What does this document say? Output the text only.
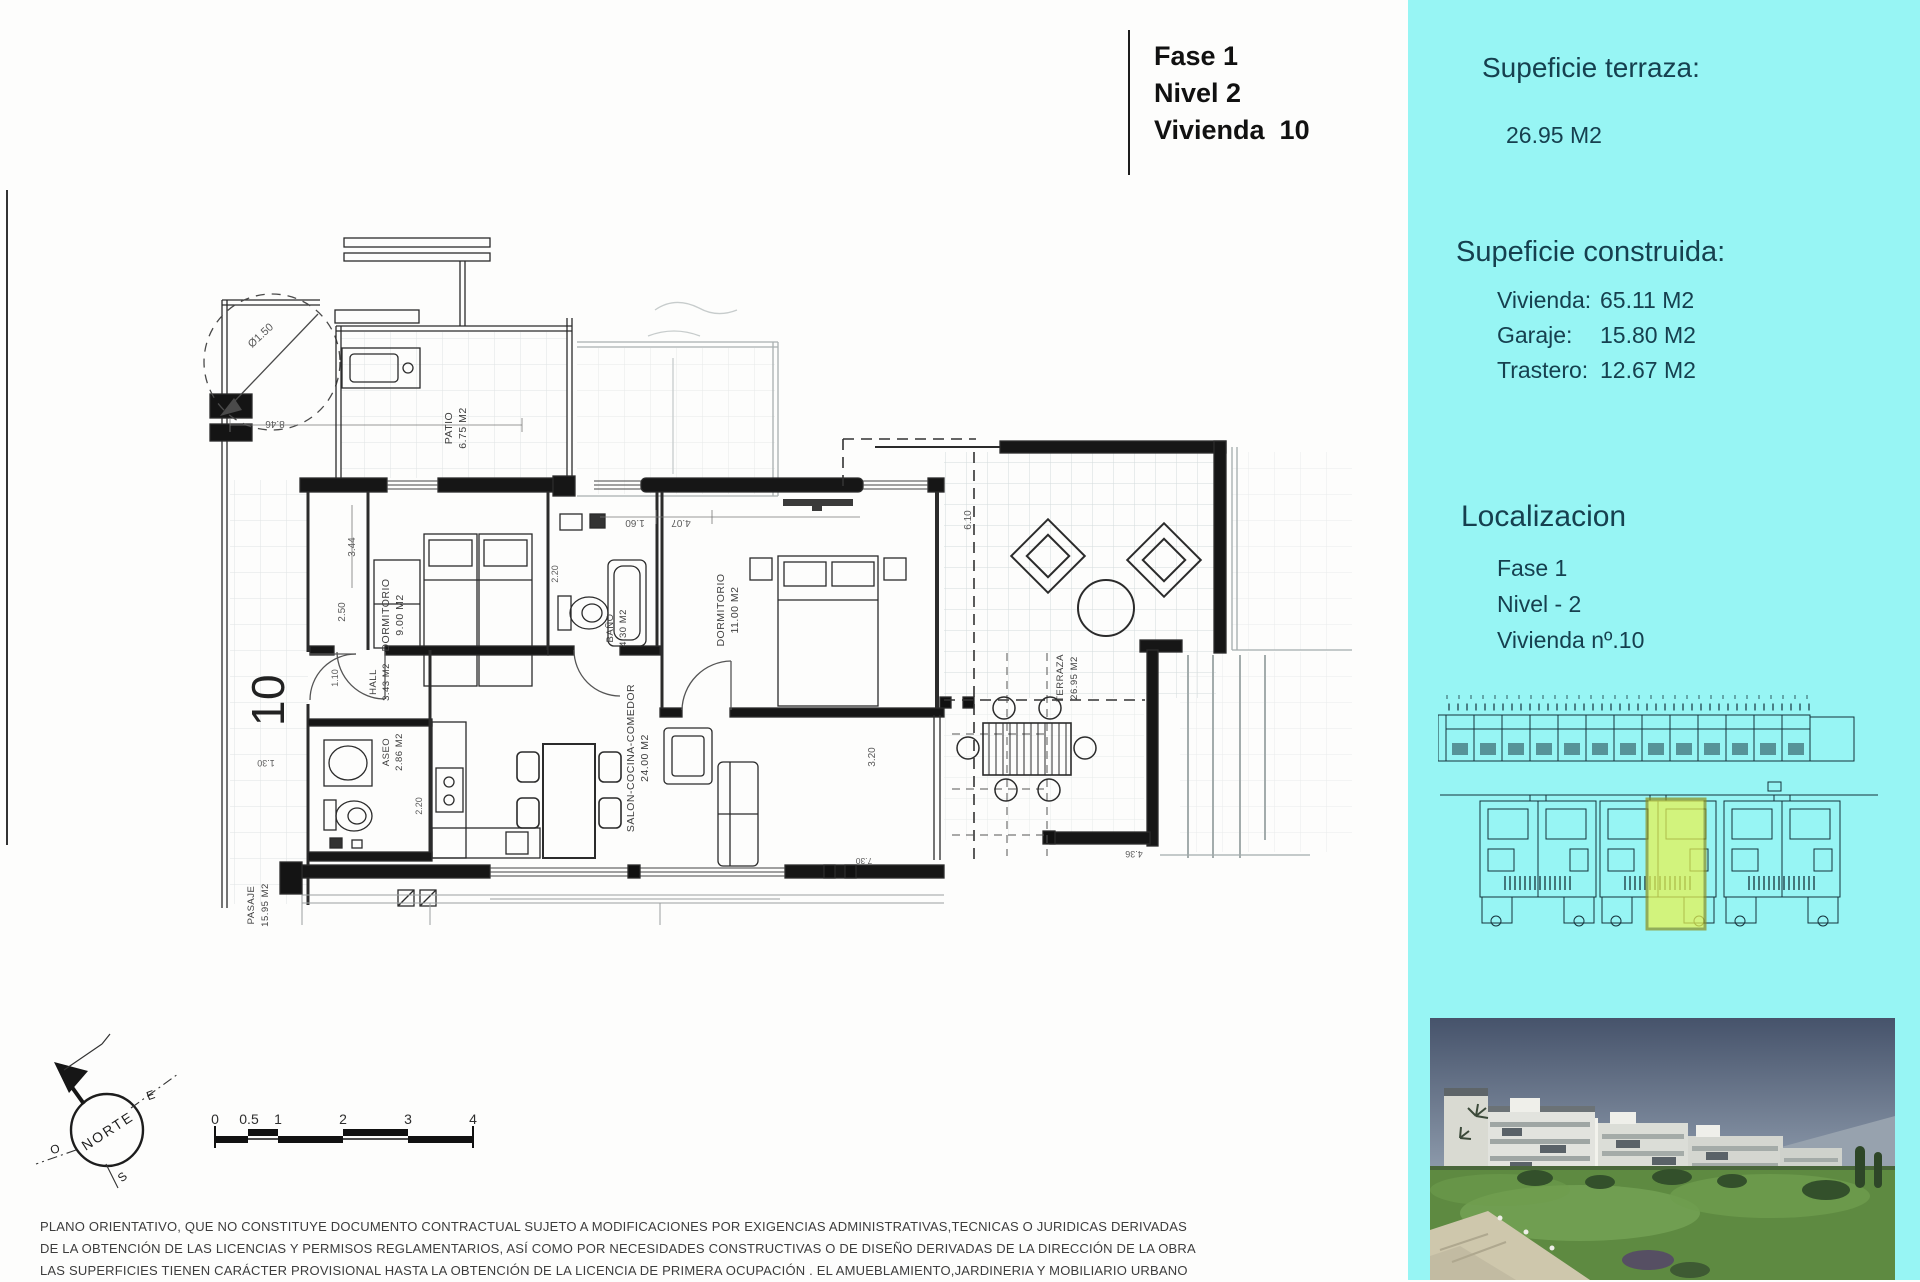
PATIO 6.75 M2
DORMITORIO 9.00 M2	BAÑO 4.30 M2	DORMITORIO 11.00 M2
HALL 3.43 M2
ASEO 2.86 M2	SALON-COCINA-COMEDOR 24.00 M2
TERRAZA 26.95 M2
PASAJE 15.95 M2
10
Ø1.50
8.46
3.44
2.50
1.10
1.30
1.60	4.07	6.10
3.20
2.20
2.20
4.36
7.30
NORTE
E
O
S
0 0.5 1	2	3	4
Fase 1
Nivel 2
Vivienda  10
Supeficie terraza:
26.95 M2
Supeficie construida:
Vivienda: 65.11 M2
Garaje:	15.80 M2
Trastero: 12.67 M2
Localizacion
Fase 1
Nivel - 2
Vivienda nº.10
PLANO ORIENTATIVO, QUE NO CONSTITUYE DOCUMENTO CONTRACTUAL SUJETO A MODIFICACIONES POR EXIGENCIAS ADMINISTRATIVAS,TECNICAS O JURIDICAS DERIVADAS
DE LA OBTENCIÓN DE LAS LICENCIAS Y PERMISOS REGLAMENTARIOS, ASÍ COMO POR NECESIDADES CONSTRUCTIVAS O DE DISEÑO DERIVADAS DE LA DIRECCIÓN DE LA OBRA
LAS SUPERFICIES TIENEN CARÁCTER PROVISIONAL HASTA LA OBTENCIÓN DE LA LICENCIA DE PRIMERA OCUPACIÓN . EL AMUEBLAMIENTO,JARDINERIA Y MOBILIARIO URBANO
